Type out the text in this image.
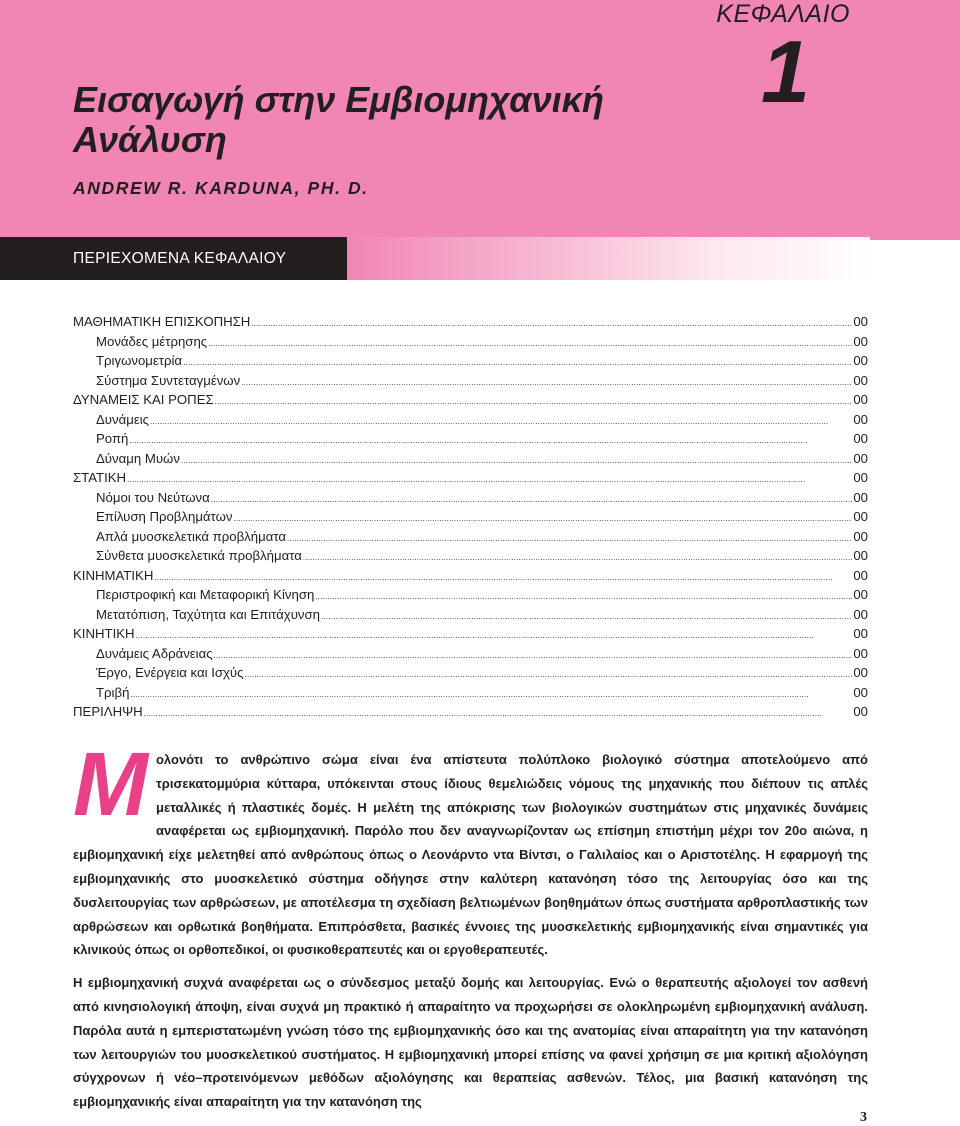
ΚΕΦΑΛΑΙΟ
1
Εισαγωγή στην Εμβιομηχανική Ανάλυση
ANDREW R. KARDUNA, PH. D.
ΠΕΡΙΕΧΟΜΕΝΑ ΚΕΦΑΛΑΙΟΥ
ΜΑΘΗΜΑΤΙΚΗ ΕΠΙΣΚΟΠΗΣΗ .....	00
Μονάδες μέτρησης .....	00
Τριγωνομετρία .....	00
Σύστημα Συντεταγμένων .....	00
ΔΥΝΑΜΕΙΣ ΚΑΙ ΡΟΠΕΣ .....	00
Δυνάμεις .....	00
Ροπή .....	00
Δύναμη Μυών .....	00
ΣΤΑΤΙΚΗ .....	00
Νόμοι του Νεύτωνα .....	00
Επίλυση Προβλημάτων .....	00
Απλά μυοσκελετικά προβλήματα .....	00
Σύνθετα μυοσκελετικά προβλήματα .....	00
ΚΙΝΗΜΑΤΙΚΗ .....	00
Περιστροφική και Μεταφορική Κίνηση .....	00
Μετατόπιση, Ταχύτητα και Επιτάχυνση .....	00
ΚΙΝΗΤΙΚΗ .....	00
Δυνάμεις Αδράνειας .....	00
Έργο, Ενέργεια και Ισχύς .....	00
Τριβή .....	00
ΠΕΡΙΛΗΨΗ .....	00

Μολονότι το ανθρώπινο σώμα είναι ένα απίστευτα πολύπλοκο βιολογικό σύστημα αποτελούμενο από τρισεκατομμύρια κύτταρα, υπόκεινται στους ίδιους θεμελιώδεις νόμους της μηχανικής που διέπουν τις απλές μεταλλικές ή πλαστικές δομές. Η μελέτη της απόκρισης των βιολογικών συστημάτων στις μηχανικές δυνάμεις αναφέρεται ως εμβιομηχανική. Παρόλο που δεν αναγνωρίζονταν ως επίσημη επιστήμη μέχρι τον 20ο αιώνα, η εμβιομηχανική είχε μελετηθεί από ανθρώπους όπως ο Λεονάρντο ντα Βίντσι, ο Γαλιλαίος και ο Αριστοτέλης. Η εφαρμογή της εμβιομηχανικής στο μυοσκελετικό σύστημα οδήγησε στην καλύτερη κατανόηση τόσο της λειτουργίας όσο και της δυσλειτουργίας των αρθρώσεων, με αποτέλεσμα τη σχεδίαση βελτιωμένων βοηθημάτων όπως συστήματα αρθροπλαστικής των αρθρώσεων και ορθωτικά βοηθήματα. Επιπρόσθετα, βασικές έννοιες της μυοσκελετικής εμβιομηχανικής είναι σημαντικές για κλινικούς όπως οι ορθοπεδικοί, οι φυσικοθεραπευτές και οι εργοθεραπευτές.

Η εμβιομηχανική συχνά αναφέρεται ως ο σύνδεσμος μεταξύ δομής και λειτουργίας. Ενώ ο θεραπευτής αξιολογεί τον ασθενή από κινησιολογική άποψη, είναι συχνά μη πρακτικό ή απαραίτητο να προχωρήσει σε ολοκληρωμένη εμβιομηχανική ανάλυση. Παρόλα αυτά η εμπεριστατωμένη γνώση τόσο της εμβιομηχανικής όσο και της ανατομίας είναι απαραίτητη για την κατανόηση των λειτουργιών του μυοσκελετικού συστήματος. Η εμβιομηχανική μπορεί επίσης να φανεί χρήσιμη σε μια κριτική αξιολόγηση σύγχρονων ή νέο–προτεινόμενων μεθόδων αξιολόγησης και θεραπείας ασθενών. Τέλος, μια βασική κατανόηση της εμβιομηχανικής είναι απαραίτητη για την κατανόηση της

3
